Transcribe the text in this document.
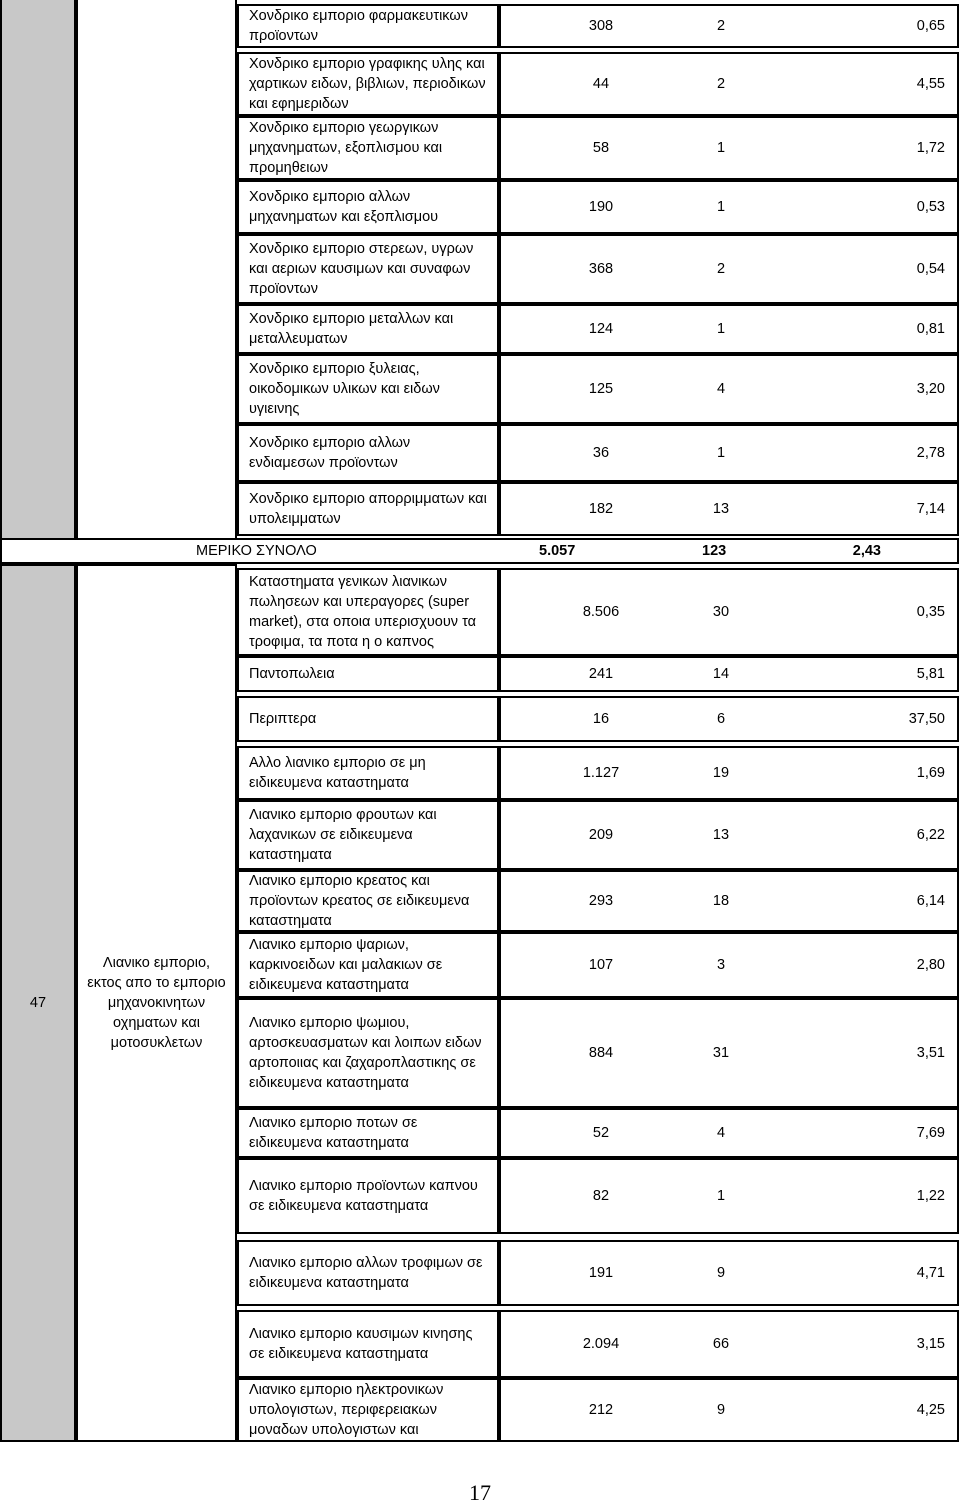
Χονδρικο εμποριο φαρμακευτικων προϊοντων
308	2	0,65
Χονδρικο εμποριο γραφικης υλης και χαρτικων ειδων, βιβλιων, περιοδικων και εφημεριδων
44	2	4,55
Χονδρικο εμποριο γεωργικων μηχανηματων, εξοπλισμου και προμηθειων
58	1	1,72
Χονδρικο εμποριο αλλων μηχανηματων και εξοπλισμου
190	1	0,53
Χονδρικο εμποριο στερεων, υγρων και αεριων καυσιμων και συναφων προϊοντων
368	2	0,54
Χονδρικο εμποριο μεταλλων και μεταλλευματων
124	1	0,81
Χονδρικο εμποριο ξυλειας, οικοδομικων υλικων και ειδων υγιεινης
125	4	3,20
Χονδρικο εμποριο αλλων ενδιαμεσων προϊοντων
36	1	2,78
Χονδρικο εμποριο απορριμματων και υπολειμματων
182	13	7,14
ΜΕΡΙΚΟ ΣΥΝΟΛΟ	5.057	123	2,43
47
Λιανικο εμποριο, εκτος απο το εμποριο μηχανοκινητων οχηματων και μοτοσυκλετων
Καταστηματα γενικων λιανικων πωλησεων και υπεραγορες (super market), στα οποια υπερισχυουν τα τροφιμα, τα ποτα η ο καπνος
8.506	30	0,35
Παντοπωλεια	241	14	5,81
Περιπτερα	16	6	37,50
Αλλο λιανικο εμποριο σε μη ειδικευμενα καταστηματα
1.127	19	1,69
Λιανικο εμποριο φρουτων και λαχανικων σε ειδικευμενα καταστηματα
209	13	6,22
Λιανικο εμποριο κρεατος και προϊοντων κρεατος σε ειδικευμενα καταστηματα
293	18	6,14
Λιανικο εμποριο ψαριων, καρκινοειδων και μαλακιων σε ειδικευμενα καταστηματα
107	3	2,80
Λιανικο εμποριο ψωμιου, αρτοσκευασματων και λοιπων ειδων αρτοποιιας και ζαχαροπλαστικης σε ειδικευμενα καταστηματα
884	31	3,51
Λιανικο εμποριο ποτων σε ειδικευμενα καταστηματα
52	4	7,69
Λιανικο εμποριο προϊοντων καπνου σε ειδικευμενα καταστηματα
82	1	1,22
Λιανικο εμποριο αλλων τροφιμων σε ειδικευμενα καταστηματα
191	9	4,71
Λιανικο εμποριο καυσιμων κινησης σε ειδικευμενα καταστηματα
2.094	66	3,15
Λιανικο εμποριο ηλεκτρονικων υπολογιστων, περιφερειακων μοναδων υπολογιστων και
212	9	4,25
17
